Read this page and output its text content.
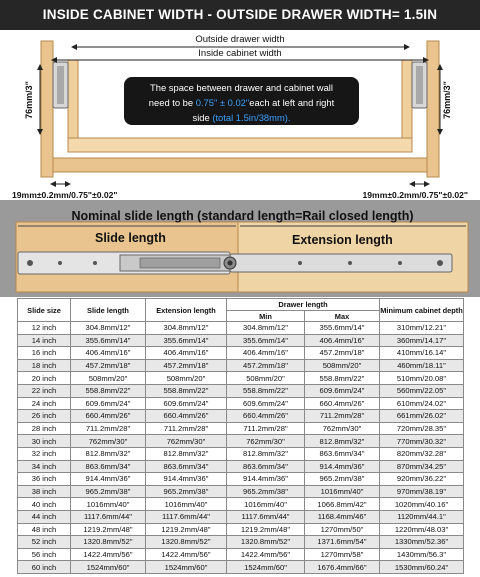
INSIDE CABINET WIDTH - OUTSIDE DRAWER WIDTH= 1.5IN
Outside drawer width
Inside cabinet width
76mm/3"	76mm/3"
19mm±0.2mm/0.75"±0.02"	19mm±0.2mm/0.75"±0.02"
The space between drawer and cabinet wall
need to be 0.75" ± 0.02"each at left and right
side (total 1.5in/38mm).
Nominal slide length (standard length=Rail closed length)
Slide length	Extension length
Slide size	Slide length	Extension length	Drawer length		Minimum cabinet depth
			Min	Max	
12 inch	304.8mm/12"	304.8mm/12"	304.8mm/12"	355.6mm/14"	310mm/12.21"
14 inch	355.6mm/14"	355.6mm/14"	355.6mm/14"	406.4mm/16"	360mm/14.17"
16 inch	406.4mm/16"	406.4mm/16"	406.4mm/16"	457.2mm/18"	410mm/16.14"
18 inch	457.2mm/18"	457.2mm/18"	457.2mm/18"	508mm/20"	460mm/18.11"
20 inch	508mm/20"	508mm/20"	508mm/20"	558.8mm/22"	510mm/20.08"
22 inch	558.8mm/22"	558.8mm/22"	558.8mm/22"	609.6mm/24"	560mm/22.05"
24 inch	609.6mm/24"	609.6mm/24"	609.6mm/24"	660.4mm/26"	610mm/24.02"
26 inch	660.4mm/26"	660.4mm/26"	660.4mm/26"	711.2mm/28"	661mm/26.02"
28 inch	711.2mm/28"	711.2mm/28"	711.2mm/28"	762mm/30"	720mm/28.35"
30 inch	762mm/30"	762mm/30"	762mm/30"	812.8mm/32"	770mm/30.32"
32 inch	812.8mm/32"	812.8mm/32"	812.8mm/32"	863.6mm/34"	820mm/32.28"
34 inch	863.6mm/34"	863.6mm/34"	863.6mm/34"	914.4mm/36"	870mm/34.25"
36 inch	914.4mm/36"	914.4mm/36"	914.4mm/36"	965.2mm/38"	920mm/36.22"
38 inch	965.2mm/38"	965.2mm/38"	965.2mm/38"	1016mm/40"	970mm/38.19"
40 inch	1016mm/40"	1016mm/40"	1016mm/40"	1066.8mm/42"	1020mm/40.16"
44 inch	1117.6mm/44"	1117.6mm/44"	1117.6mm/44"	1168.4mm/46"	1120mm/44.1"
48 inch	1219.2mm/48"	1219.2mm/48"	1219.2mm/48"	1270mm/50"	1220mm/48.03"
52 inch	1320.8mm/52"	1320.8mm/52"	1320.8mm/52"	1371.6mm/54"	1330mm/52.36"
56 inch	1422.4mm/56"	1422.4mm/56"	1422.4mm/56"	1270mm/58"	1430mm/56.3"
60 inch	1524mm/60"	1524mm/60"	1524mm/60"	1676.4mm/66"	1530mm/60.24"
